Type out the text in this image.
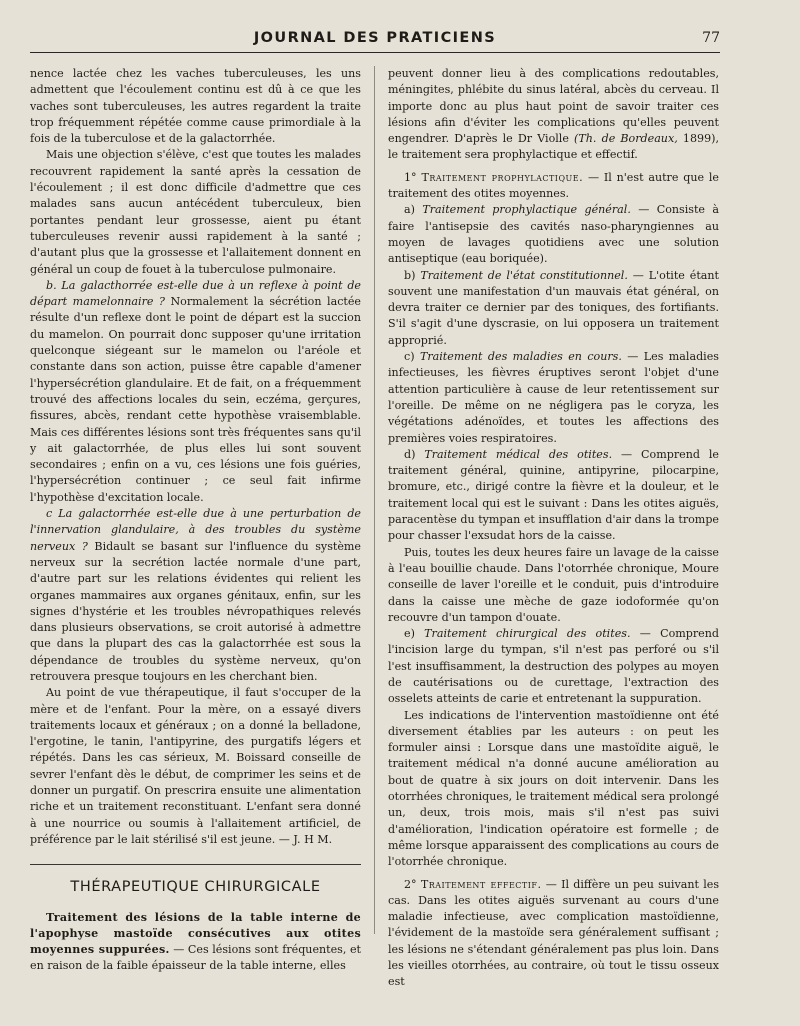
JOURNAL DES PRATICIENS	77

nence lactée chez les vaches tuberculeuses, les uns admettent que l'écoulement continu est dû à ce que les vaches sont tuberculeuses, les autres regardent la traite trop fréquemment répétée comme cause primordiale à la fois de la tuberculose et de la galactorrhée.

Mais une objection s'élève, c'est que toutes les malades recouvrent rapidement la santé après la cessation de l'écoulement ; il est donc difficile d'admettre que ces malades sans aucun antécédent tuberculeux, bien portantes pendant leur grossesse, aient pu étant tuberculeuses revenir aussi rapidement à la santé ; d'autant plus que la grossesse et l'allaitement donnent en général un coup de fouet à la tuberculose pulmonaire.

b. La galacthorrée est-elle due à un reflexe à point de départ mamelonnaire ? Normalement la sécrétion lactée résulte d'un reflexe dont le point de départ est la succion du mamelon. On pourrait donc supposer qu'une irritation quelconque siégeant sur le mamelon ou l'aréole et constante dans son action, puisse être capable d'amener l'hypersécrétion glandulaire. Et de fait, on a fréquemment trouvé des affections locales du sein, eczéma, gerçures, fissures, abcès, rendant cette hypothèse vraisemblable. Mais ces différentes lésions sont très fréquentes sans qu'il y ait galactorrhée, de plus elles lui sont souvent secondaires ; enfin on a vu, ces lésions une fois guéries, l'hypersécrétion continuer ; ce seul fait infirme l'hypothèse d'excitation locale.

c La galactorrhée est-elle due à une perturbation de l'innervation glandulaire, à des troubles du système nerveux ? Bidault se basant sur l'influence du système nerveux sur la secrétion lactée normale d'une part, d'autre part sur les relations évidentes qui relient les organes mammaires aux organes génitaux, enfin, sur les signes d'hystérie et les troubles névropathiques relevés dans plusieurs observations, se croit autorisé à admettre que dans la plupart des cas la galactorrhée est sous la dépendance de troubles du système nerveux, qu'on retrouvera presque toujours en les cherchant bien.

Au point de vue thérapeutique, il faut s'occuper de la mère et de l'enfant. Pour la mère, on a essayé divers traitements locaux et généraux ; on a donné la belladone, l'ergotine, le tanin, l'antipyrine, des purgatifs légers et répétés. Dans les cas sérieux, M. Boissard conseille de sevrer l'enfant dès le début, de comprimer les seins et de donner un purgatif. On prescrira ensuite une alimentation riche et un traitement reconstituant. L'enfant sera donné à une nourrice ou soumis à l'allaitement artificiel, de préférence par le lait stérilisé s'il est jeune. — J. H M.

THÉRAPEUTIQUE CHIRURGICALE

Traitement des lésions de la table interne de l'apophyse mastoïde consécutives aux otites moyennes suppurées. — Ces lésions sont fréquentes, et en raison de la faible épaisseur de la table interne, elles

peuvent donner lieu à des complications redoutables, méningites, phlébite du sinus latéral, abcès du cerveau. Il importe donc au plus haut point de savoir traiter ces lésions afin d'éviter les complications qu'elles peuvent engendrer. D'après le Dr Violle (Th. de Bordeaux, 1899), le traitement sera prophylactique et effectif.

1° Traitement prophylactique. — Il n'est autre que le traitement des otites moyennes.

a) Traitement prophylactique général. — Consiste à faire l'antisepsie des cavités naso-pharyngiennes au moyen de lavages quotidiens avec une solution antiseptique (eau boriquée).

b) Traitement de l'état constitutionnel. — L'otite étant souvent une manifestation d'un mauvais état général, on devra traiter ce dernier par des toniques, des fortifiants. S'il s'agit d'une dyscrasie, on lui opposera un traitement approprié.

c) Traitement des maladies en cours. — Les maladies infectieuses, les fièvres éruptives seront l'objet d'une attention particulière à cause de leur retentissement sur l'oreille. De même on ne négligera pas le coryza, les végétations adénoïdes, et toutes les affections des premières voies respiratoires.

d) Traitement médical des otites. — Comprend le traitement général, quinine, antipyrine, pilocarpine, bromure, etc., dirigé contre la fièvre et la douleur, et le traitement local qui est le suivant : Dans les otites aiguës, paracentèse du tympan et insufflation d'air dans la trompe pour chasser l'exsudat hors de la caisse.

Puis, toutes les deux heures faire un lavage de la caisse à l'eau bouillie chaude. Dans l'otorrhée chronique, Moure conseille de laver l'oreille et le conduit, puis d'introduire dans la caisse une mèche de gaze iodoformée qu'on recouvre d'un tampon d'ouate.

e) Traitement chirurgical des otites. — Comprend l'incision large du tympan, s'il n'est pas perforé ou s'il l'est insuffisamment, la destruction des polypes au moyen de cautérisations ou de curettage, l'extraction des osselets atteints de carie et entretenant la suppuration.

Les indications de l'intervention mastoïdienne ont été diversement établies par les auteurs : on peut les formuler ainsi : Lorsque dans une mastoïdite aiguë, le traitement médical n'a donné aucune amélioration au bout de quatre à six jours on doit intervenir. Dans les otorrhées chroniques, le traitement médical sera prolongé un, deux, trois mois, mais s'il n'est pas suivi d'amélioration, l'indication opératoire est formelle ; de même lorsque apparaissent des complications au cours de l'otorrhée chronique.

2° Traitement effectif. — Il diffère un peu suivant les cas. Dans les otites aiguës survenant au cours d'une maladie infectieuse, avec complication mastoïdienne, l'évidement de la mastoïde sera généralement suffisant ; les lésions ne s'étendant généralement pas plus loin. Dans les vieilles otorrhées, au contraire, où tout le tissu osseux est
